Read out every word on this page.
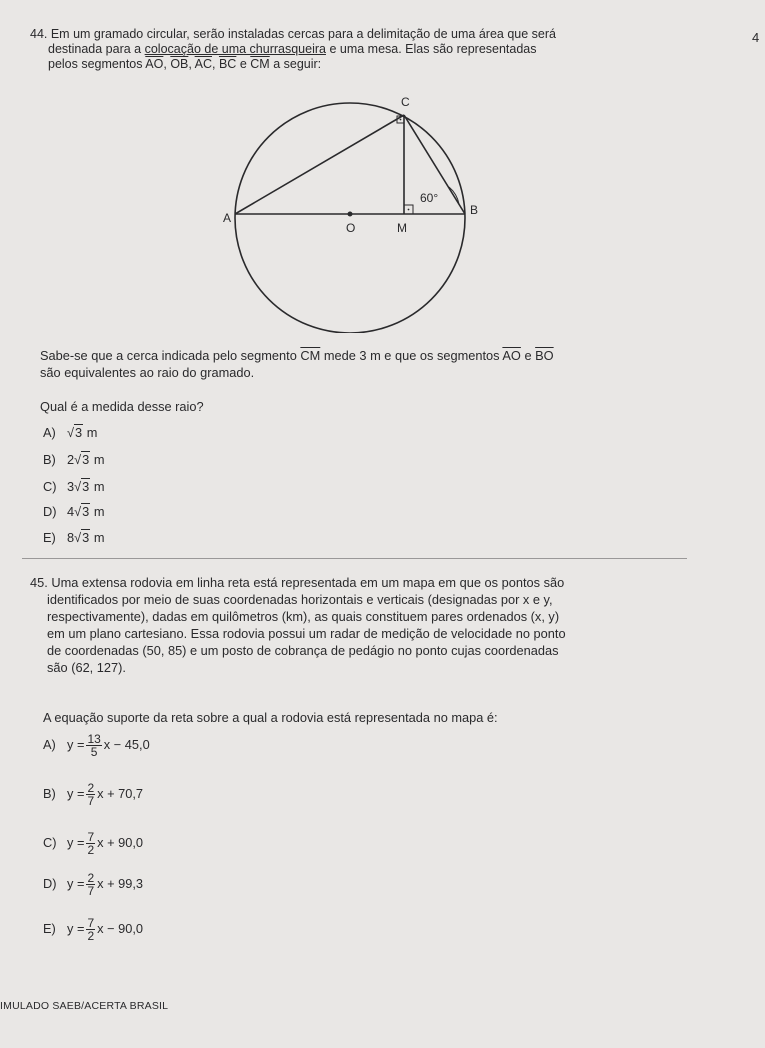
4
44. Em um gramado circular, serão instaladas cercas para a delimitação de uma área que será
destinada para a colocação de uma churrasqueira e uma mesa. Elas são representadas
pelos segmentos $\overline{AO}$, $\overline{OB}$, $\overline{AC}$, $\overline{BC}$ e $\overline{CM}$ a seguir:
C
A
B
O	M
60°
Sabe-se que a cerca indicada pelo segmento $\overline{CM}$ mede 3 m e que os segmentos $\overline{AO}$ e $\overline{BO}$
são equivalentes ao raio do gramado.
Qual é a medida desse raio?
A) √3 m
B) 2√3 m
C) 3√3 m
D) 4√3 m
E) 8√3 m
45. Uma extensa rodovia em linha reta está representada em um mapa em que os pontos são
identificados por meio de suas coordenadas horizontais e verticais (designadas por x e y,
respectivamente), dadas em quilômetros (km), as quais constituem pares ordenados (x, y)
em um plano cartesiano. Essa rodovia possui um radar de medição de velocidade no ponto
de coordenadas (50, 85) e um posto de cobrança de pedágio no ponto cujas coordenadas
são (62, 127).
A equação suporte da reta sobre a qual a rodovia está representada no mapa é:
A) $y = \frac{13}{5}$ x − 45,0
B) $y = \frac{2}{7}$ x + 70,7
C) $y = \frac{7}{2}$ x + 90,0
D) $y = \frac{2}{7}$ x + 99,3
E) $y = \frac{7}{2}$ x − 90,0
IMULADO SAEB/ACERTA BRASIL
